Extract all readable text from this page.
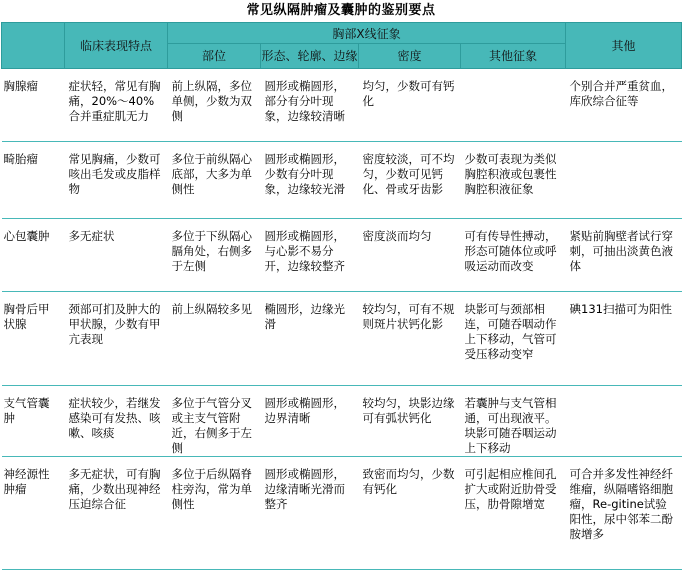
常见纵隔肿瘤及囊肿的鉴别要点
	临床表现特点	胸部X线征象				其他
		部位	形态、轮廓、边缘	密度	其他征象	
胸腺瘤	症状轻，常见有胸痛，20%～40%合并重症肌无力	前上纵隔，多位单侧，少数为双侧	圆形或椭圆形，部分有分叶现象，边缘较清晰	均匀，少数可有钙化		个别合并严重贫血，库欣综合征等
畸胎瘤	常见胸痛，少数可咳出毛发或皮脂样物	多位于前纵隔心底部，大多为单侧性	圆形或椭圆形，少数有分叶现象，边缘较光滑	密度较淡，可不均匀，少数可见钙化、骨或牙齿影	少数可表现为类似胸腔积液或包裹性胸腔积液征象	
心包囊肿	多无症状	多位于下纵隔心膈角处，右侧多于左侧	圆形或椭圆形，与心影不易分开，边缘较整齐	密度淡而均匀	可有传导性搏动，形态可随体位或呼吸运动而改变	紧贴前胸壁者试行穿刺，可抽出淡黄色液体
胸骨后甲状腺	颈部可扪及肿大的甲状腺，少数有甲亢表现	前上纵隔较多见	椭圆形，边缘光滑	较均匀，可有不规则斑片状钙化影	块影可与颈部相连，可随吞咽动作上下移动，气管可受压移动变窄	碘131扫描可为阳性
支气管囊肿	症状较少，若继发感染可有发热、咳嗽、咳痰	多位于气管分叉或主支气管附近，右侧多于左侧	圆形或椭圆形，边界清晰	较均匀，块影边缘可有弧状钙化	若囊肿与支气管相通，可出现液平。块影可随吞咽运动上下移动	
神经源性肿瘤	多无症状，可有胸痛，少数出现神经压迫综合征	多位于后纵隔脊柱旁沟，常为单侧性	圆形或椭圆形，边缘清晰光滑而整齐	致密而均匀，少数有钙化	可引起相应椎间孔扩大或附近肋骨受压，肋骨隙增宽	可合并多发性神经纤维瘤，纵隔嗜铬细胞瘤，Re-gitine试验阳性，尿中邻苯二酚胺增多
